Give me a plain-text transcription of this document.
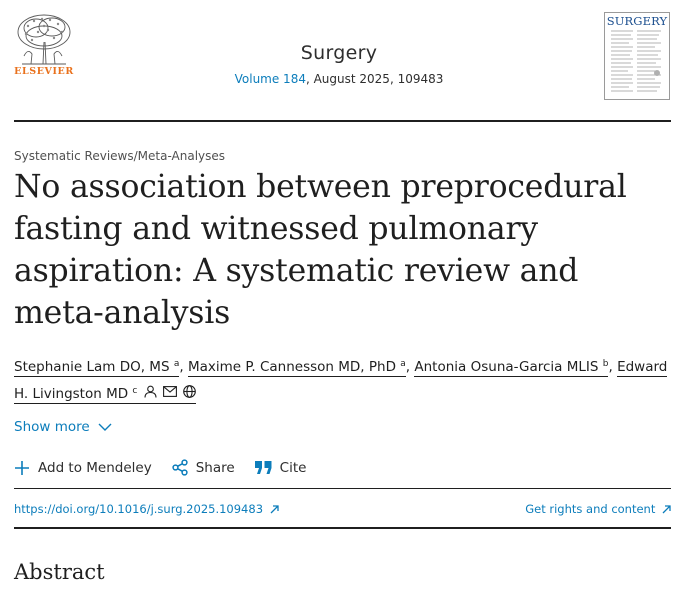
ELSEVIER
Surgery
Volume 184, August 2025, 109483
SURGERY
Systematic Reviews/Meta-Analyses
No association between preprocedural fasting and witnessed pulmonary aspiration: A systematic review and meta-analysis
Stephanie Lam DO, MS $^a$, Maxime P. Cannesson MD, PhD $^a$, Antonia Osuna-Garcia MLIS $^b$, Edward H. Livingston MD $^c$
Show more
Add to Mendeley	Share	Cite
https://doi.org/10.1016/j.surg.2025.109483	Get rights and content
Abstract
